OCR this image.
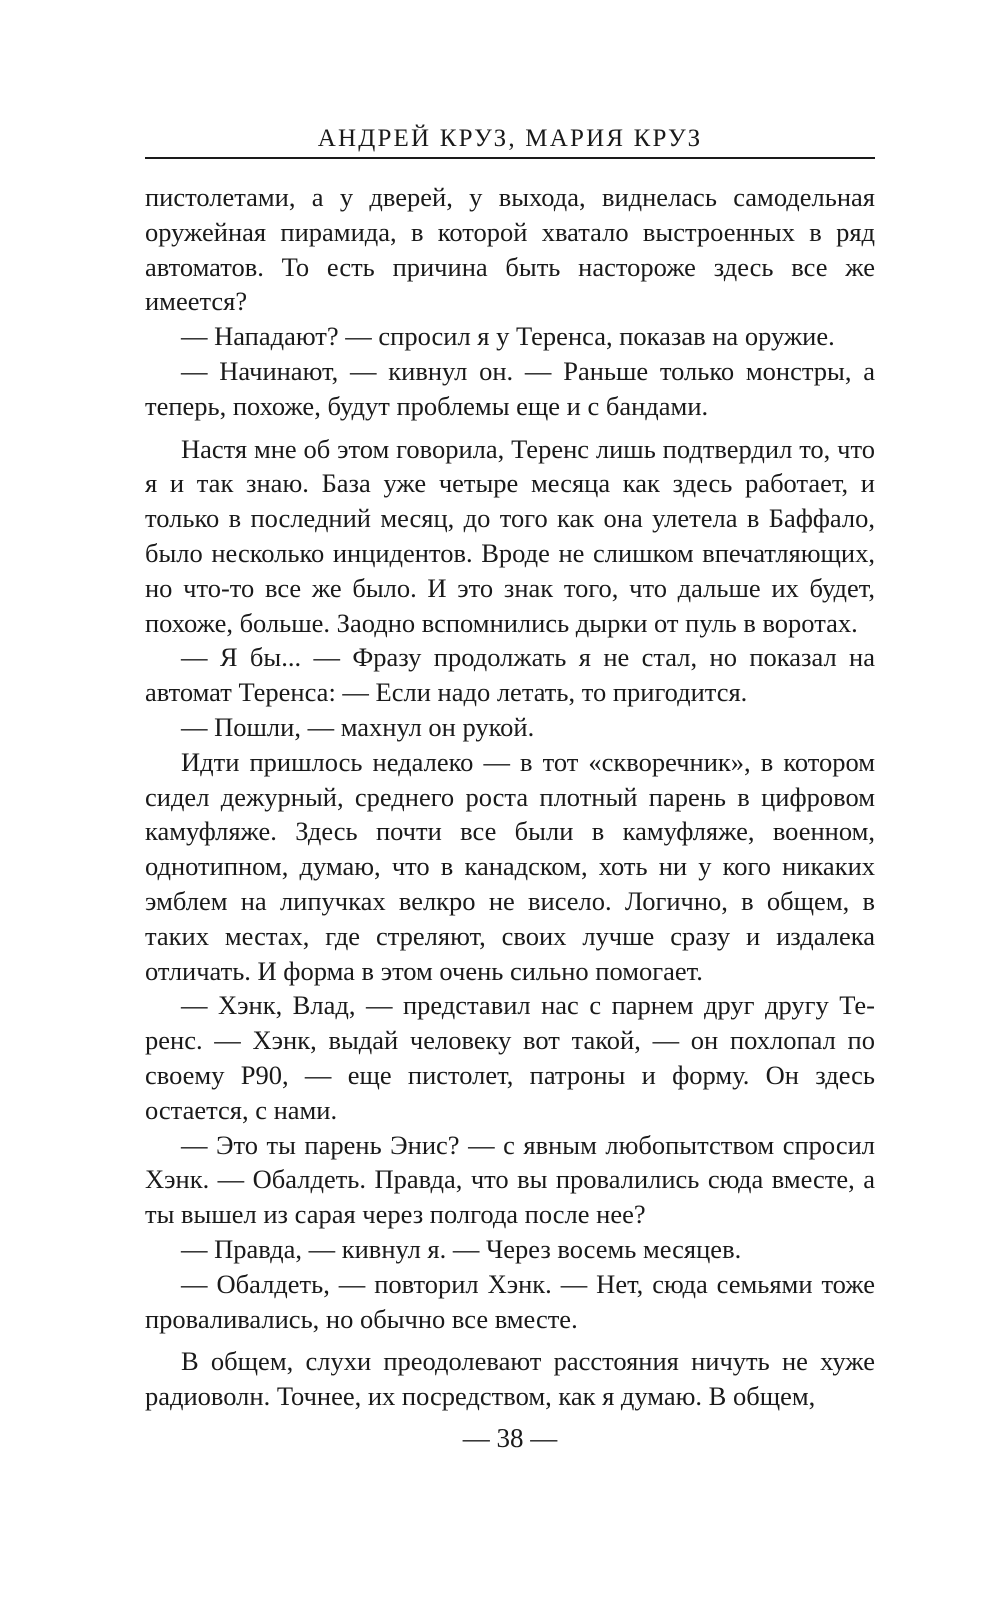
АНДРЕЙ КРУЗ, МАРИЯ КРУЗ

пистолетами, а у дверей, у выхода, виднелась самодельная оружейная пирамида, в которой хватало выстроенных в ряд автоматов. То есть причина быть настороже здесь все же имеется?

— Нападают? — спросил я у Теренса, показав на оружие.

— Начинают, — кивнул он. — Раньше только монстры, а теперь, похоже, будут проблемы еще и с бандами.

Настя мне об этом говорила, Теренс лишь подтвердил то, что я и так знаю. База уже четыре месяца как здесь работает, и только в последний месяц, до того как она улетела в Баффало, было несколько инцидентов. Вроде не слишком впечатляющих, но что-то все же было. И это знак того, что дальше их будет, похоже, больше. Заодно вспомнились дырки от пуль в воротах.

— Я бы... — Фразу продолжать я не стал, но показал на автомат Теренса: — Если надо летать, то пригодится.

— Пошли, — махнул он рукой.

Идти пришлось недалеко — в тот «скворечник», в котором сидел дежурный, среднего роста плотный парень в цифровом камуфляже. Здесь почти все были в камуфляже, военном, однотипном, думаю, что в канадском, хоть ни у кого никаких эмблем на липучках велкро не висело. Логично, в общем, в таких местах, где стреляют, своих лучше сразу и издалека отличать. И форма в этом очень сильно помогает.

— Хэнк, Влад, — представил нас с парнем друг другу Теренс. — Хэнк, выдай человеку вот такой, — он похлопал по своему P90, — еще пистолет, патроны и форму. Он здесь остается, с нами.

— Это ты парень Энис? — с явным любопытством спросил Хэнк. — Обалдеть. Правда, что вы провалились сюда вместе, а ты вышел из сарая через полгода после нее?

— Правда, — кивнул я. — Через восемь месяцев.

— Обалдеть, — повторил Хэнк. — Нет, сюда семьями тоже проваливались, но обычно все вместе.

В общем, слухи преодолевают расстояния ничуть не хуже радиоволн. Точнее, их посредством, как я думаю. В общем,

— 38 —
